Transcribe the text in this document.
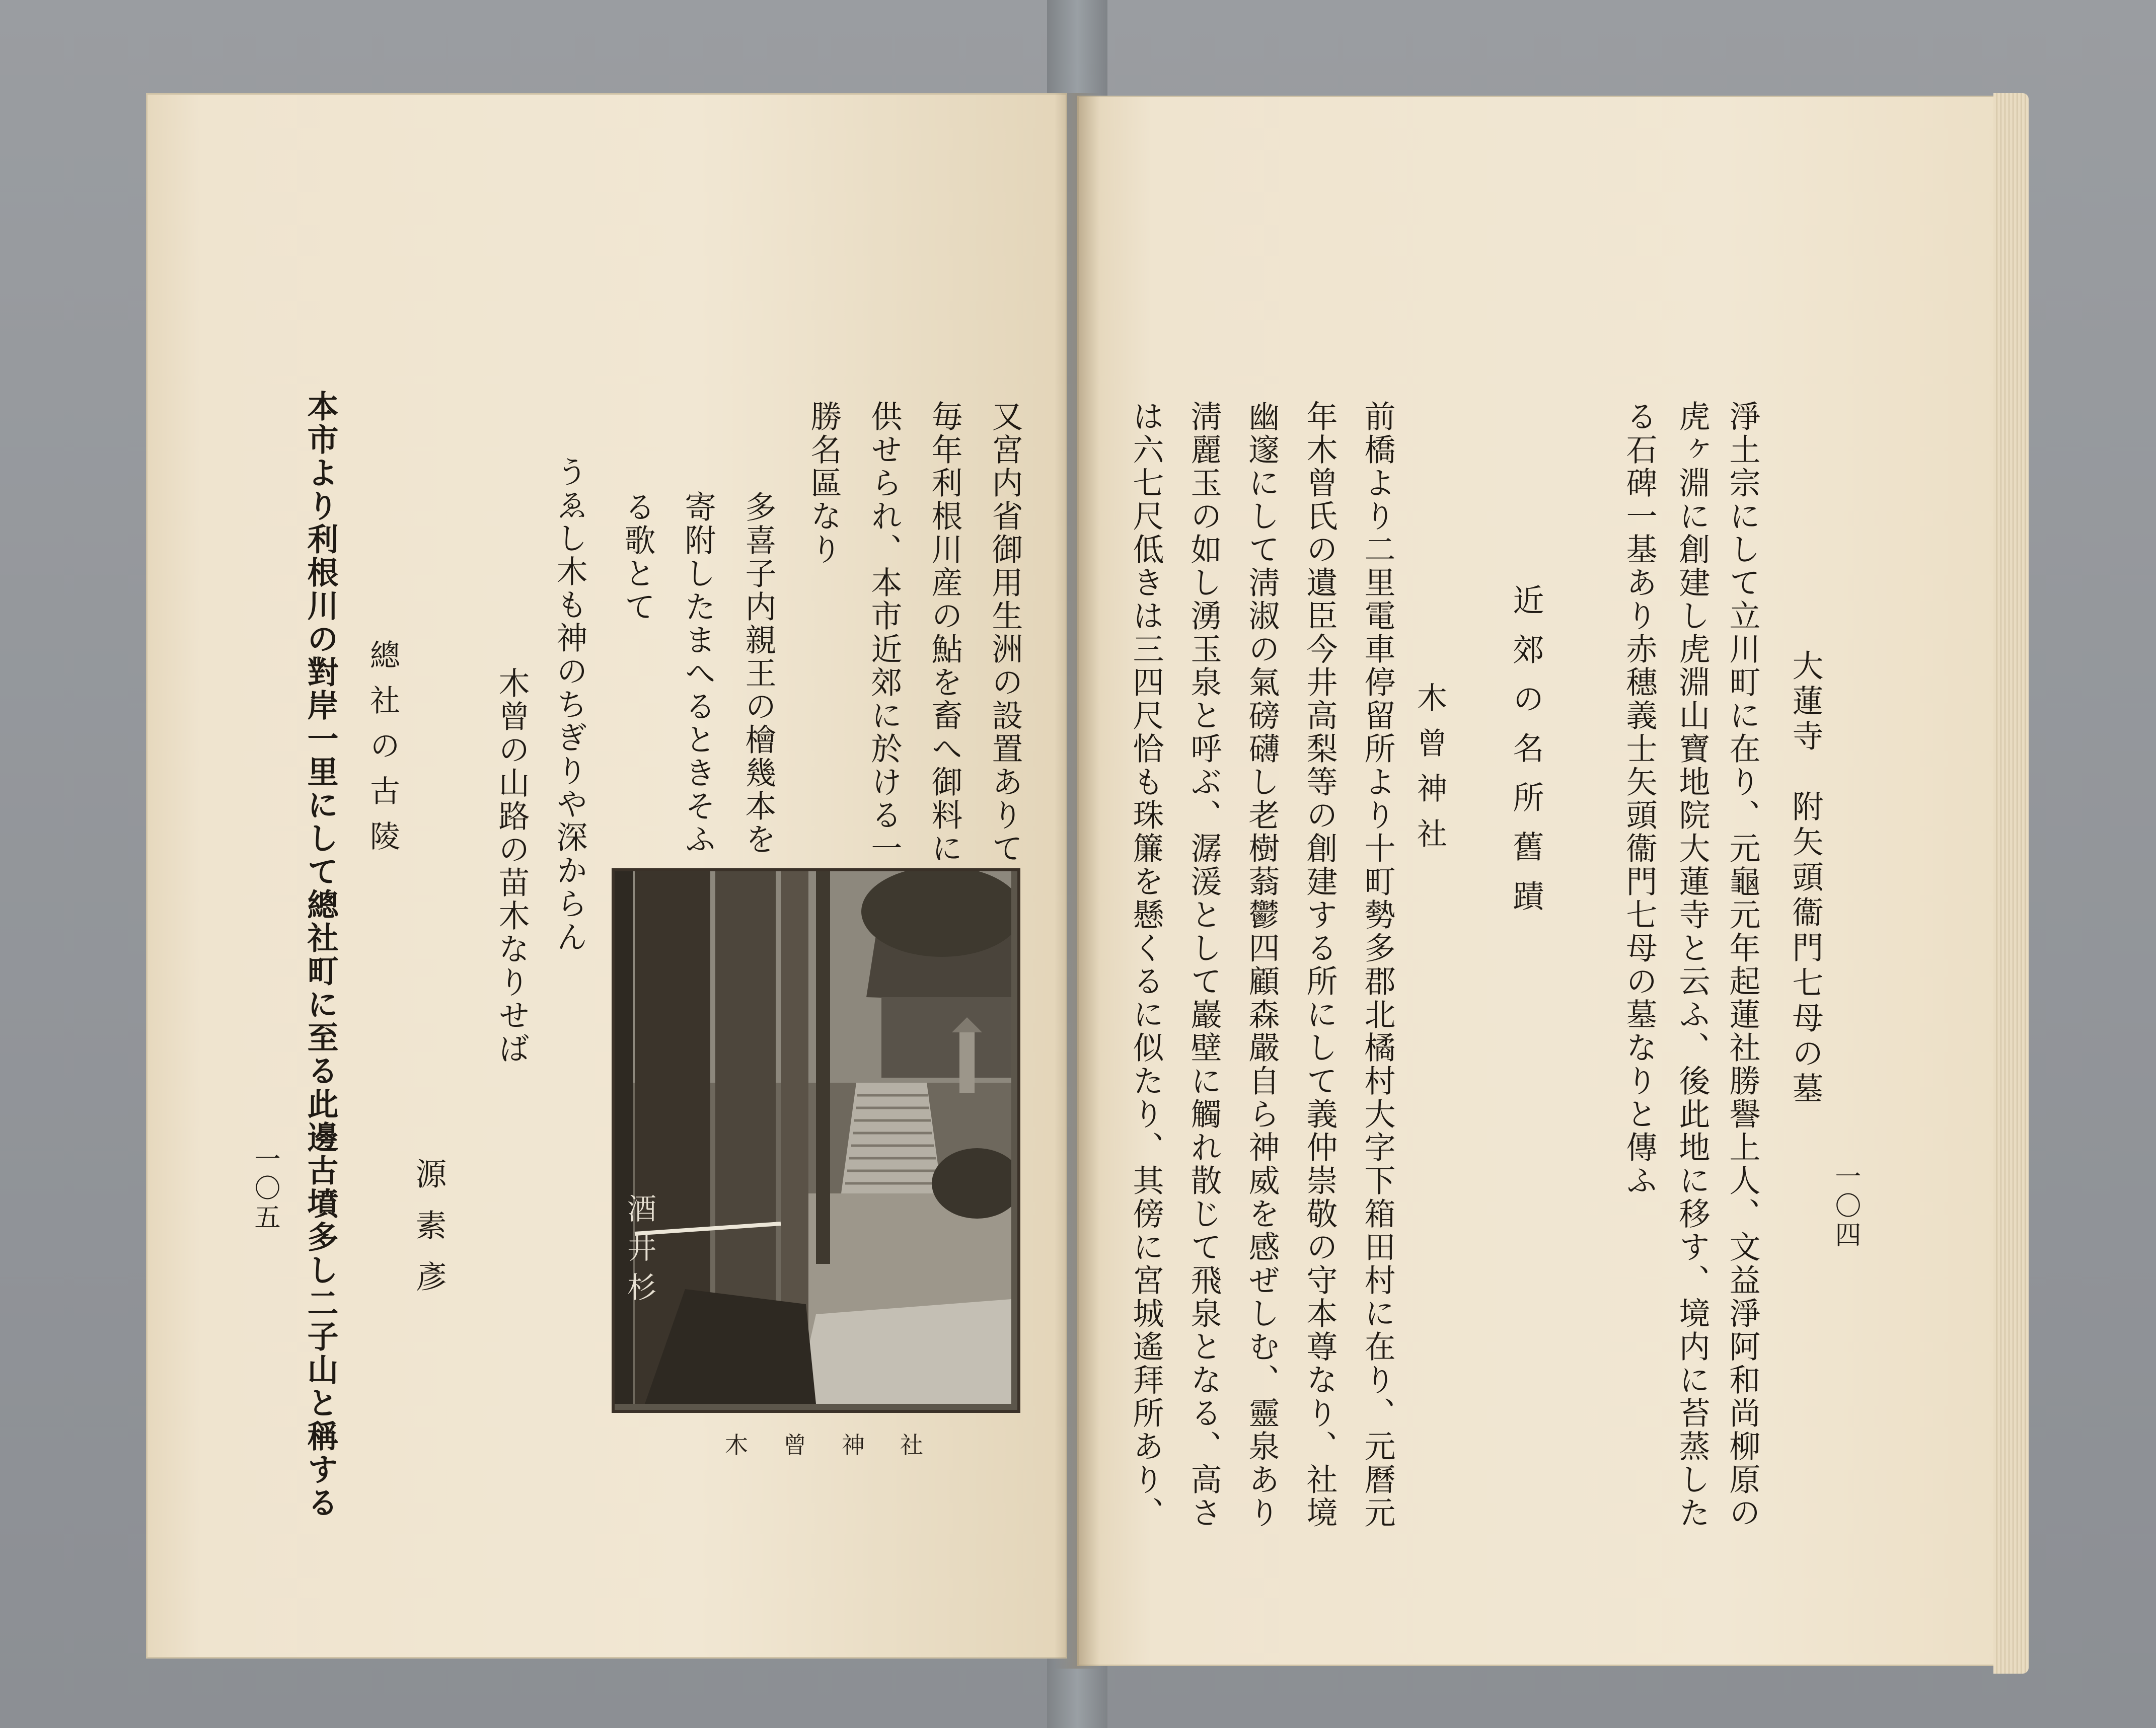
一〇四
大蓮寺　附矢頭衞門七母の墓
淨土宗にして立川町に在り、元龜元年起蓮社勝譽上人、文益淨阿和尚柳原の
虎ヶ淵に創建し虎淵山寶地院大蓮寺と云ふ、後此地に移す、境内に苔蒸した
る石碑一基あり赤穗義士矢頭衞門七母の墓なりと傳ふ
近郊の名所舊蹟
木曾神社
前橋より二里電車停留所より十町勢多郡北橘村大字下箱田村に在り、元曆元
年木曾氏の遺臣今井高梨等の創建する所にして義仲崇敬の守本尊なり、社境
幽邃にして淸淑の氣磅礴し老樹蓊鬱四顧森嚴自ら神威を感ぜしむ、靈泉あり
淸麗玉の如し湧玉泉と呼ぶ、潺湲として巖壁に觸れ散じて飛泉となる、高さ
は六七尺低きは三四尺恰も珠簾を懸くるに似たり、其傍に宮城遙拜所あり、
又宮内省御用生洲の設置ありて
毎年利根川産の鮎を畜へ御料に
供せられ、本市近郊に於ける一
勝名區なり
多喜子内親王の檜幾本を
寄附したまへるときそふ
る歌とて
木曾の山路の苗木なりせば うゑし木も神のちぎりや深からん
源素彥
總社の古陵
本市より利根川の對岸一里にして總社町に至る此邊古墳多し二子山と稱する
一〇五
酒井杉
木曾神社
